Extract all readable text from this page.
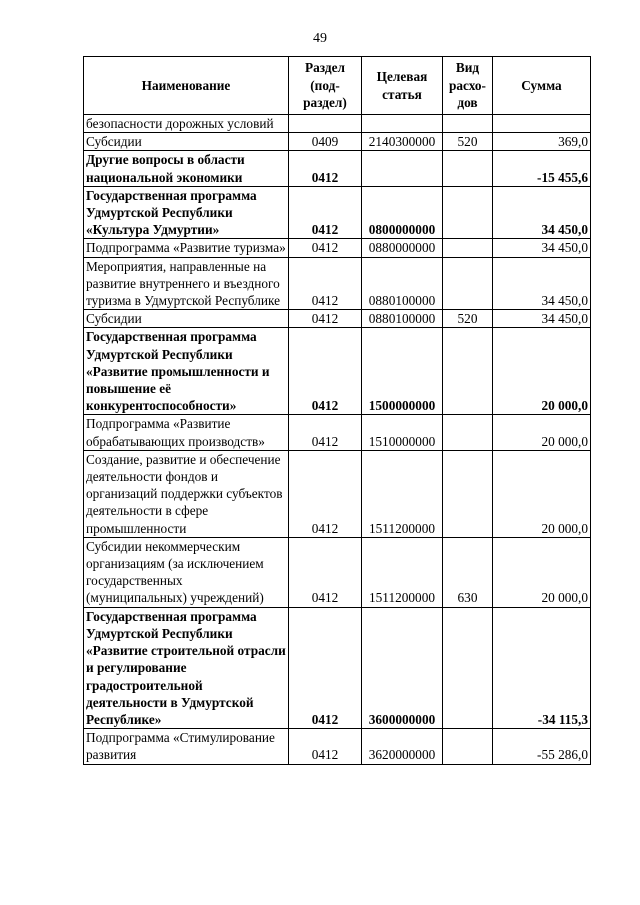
49
Наименование	Раздел (под-раздел)	Целевая статья	Вид расхо-дов	Сумма
безопасности дорожных условий				
Субсидии	0409	2140300000	520	369,0
Другие вопросы в области национальной экономики	0412			-15 455,6
Государственная программа Удмуртской Республики «Культура Удмуртии»	0412	0800000000		34 450,0
Подпрограмма «Развитие туризма»	0412	0880000000		34 450,0
Мероприятия, направленные на развитие внутреннего и въездного туризма в Удмуртской Республике	0412	0880100000		34 450,0
Субсидии	0412	0880100000	520	34 450,0
Государственная программа Удмуртской Республики «Развитие промышленности и повышение её конкурентоспособности»	0412	1500000000		20 000,0
Подпрограмма «Развитие обрабатывающих производств»	0412	1510000000		20 000,0
Создание, развитие и обеспечение деятельности фондов и организаций поддержки субъектов деятельности в сфере промышленности	0412	1511200000		20 000,0
Субсидии некоммерческим организациям (за исключением государственных (муниципальных) учреждений)	0412	1511200000	630	20 000,0
Государственная программа Удмуртской Республики «Развитие строительной отрасли и регулирование градостроительной деятельности в Удмуртской Республике»	0412	3600000000		-34 115,3
Подпрограмма «Стимулирование развития	0412	3620000000		-55 286,0
